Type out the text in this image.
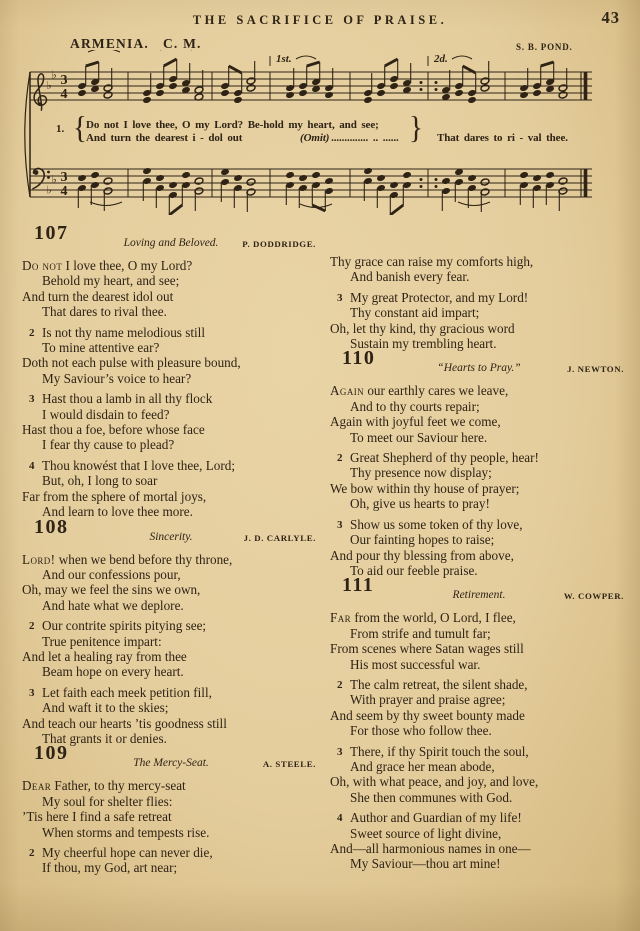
THE SACRIFICE OF PRAISE.	43
ARMENIA. C. M.	S. B. POND.
♭
♭
♭
♭
3
4
3
4
1st.	2d.
1. { Do not I love thee, O my Lord? Be-hold my heart, and see;
And turn the dearest i - dol out	(Omit) .............. .. ...... } That dares to ri - val thee.
107	Loving and Beloved.	P. DODDRIDGE.
Do not I love thee, O my Lord?
Behold my heart, and see;
And turn the dearest idol out
That dares to rival thee.
2 Is not thy name melodious still
To mine attentive ear?
Doth not each pulse with pleasure bound,
My Saviour’s voice to hear?
3 Hast thou a lamb in all thy flock
I would disdain to feed?
Hast thou a foe, before whose face
I fear thy cause to plead?
4 Thou knowést that I love thee, Lord;
But, oh, I long to soar
Far from the sphere of mortal joys,
And learn to love thee more.
108	Sincerity.	J. D. CARLYLE.
Lord! when we bend before thy throne,
And our confessions pour,
Oh, may we feel the sins we own,
And hate what we deplore.
2 Our contrite spirits pitying see;
True penitence impart:
And let a healing ray from thee
Beam hope on every heart.
3 Let faith each meek petition fill,
And waft it to the skies;
And teach our hearts ’tis goodness still
That grants it or denies.
109	The Mercy-Seat.	A. STEELE.
Dear Father, to thy mercy-seat
My soul for shelter flies:
’Tis here I find a safe retreat
When storms and tempests rise.
2 My cheerful hope can never die,
If thou, my God, art near;
Thy grace can raise my comforts high,
And banish every fear.
3 My great Protector, and my Lord!
Thy constant aid impart;
Oh, let thy kind, thy gracious word
Sustain my trembling heart.
110	“Hearts to Pray.”	J. NEWTON.
Again our earthly cares we leave,
And to thy courts repair;
Again with joyful feet we come,
To meet our Saviour here.
2 Great Shepherd of thy people, hear!
Thy presence now display;
We bow within thy house of prayer;
Oh, give us hearts to pray!
3 Show us some token of thy love,
Our fainting hopes to raise;
And pour thy blessing from above,
To aid our feeble praise.
111	Retirement.	W. COWPER.
Far from the world, O Lord, I flee,
From strife and tumult far;
From scenes where Satan wages still
His most successful war.
2 The calm retreat, the silent shade,
With prayer and praise agree;
And seem by thy sweet bounty made
For those who follow thee.
3 There, if thy Spirit touch the soul,
And grace her mean abode,
Oh, with what peace, and joy, and love,
She then communes with God.
4 Author and Guardian of my life!
Sweet source of light divine,
And—all harmonious names in one—
My Saviour—thou art mine!
